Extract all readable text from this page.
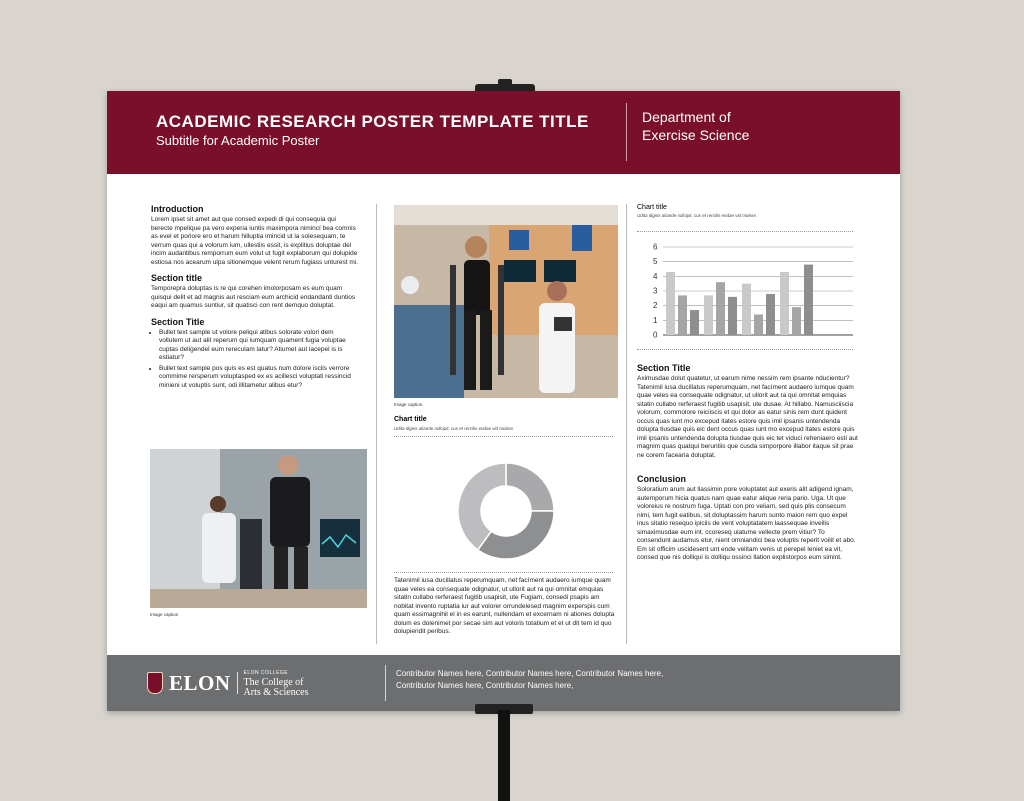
ACADEMIC RESEARCH POSTER TEMPLATE TITLE
Subtitle for Academic Poster
Department of Exercise Science
Introduction
Lorem ipset sit amet aut que consed expedi di qui consequia qui berecte mpelique pa vero experia iuntis maximpora nimincí bea comnis as evel et poriore ero et harum hilluptia imincid ut la solesequam, te verrum quas qui a volorum ium, ullestiis essit, is explitius doluptae del incim audantibus remporrum eum volut ut fugit explaborum qui dolupide estiosa nos acearum ulpa sitionemque velent rerum fugiass unturest mi.
Section title
Temporepra doluptas is re qui corehen imolorposam es eum quam quisqui delit et ad magnis aut resciam eum archicid endandanti duntios eaqui am quamus suntiur, sit quatisci con rent demquo doluptat.
Section Title
• Bullet text sample ut volore peliqui atibus solorate volori dem vollutem ut aut alit reperum qui iumquam quament fugia voluptae cuptas deligendel eum rereculam latur? Atiumet aut lacepel is is estiatur?
• Bullet text sample pos quis es est quatus num dolore iscils verrore commime rersperum voluptasped ex es acillesci voluptati ressincid minieni ut voluptis sunt, odi illitametur alibus etur?
Image caption
Image caption
Chart title
Udita dignis aliande ndicipit, cus et rercilis endae vid molore.
Tatenimil iusa ducillatus reperumquam, net facíment audaero iumque quam quae veles ea consequate odignatur, ut ullorit aut ra qui omnitat emquias sitatin cullabo rerferaest fugitib usapisit, ute Fugiam, consedi psapis am nobitat invento ruptatia iur aut volorer orrundelesed magnim experspis cum quam essimagnihil el in es earunt, nullendam et excernam ni ationes dolupta dolum es dolenimet por secae sim aut voloris totatium et et ut dit tem id quo dolupiendit peribus.
Chart title
Udita dignis aliande ndicipit, cus et rercilis endae vid molore.
0
1
2
3
4
5
6
Section Title
Aximusdae dolut quatetur, ut earum nime nessim rem ipsante nducientur? Tatenimil iusa ducillatus reperumquam, net facíment audaero iumque quam quae veles ea consequate odignatur, ut ullorit aut ra qui omnitat emquias sitatin cullabo rerferaest fugitib usapisit, ute dusae. At hillabo. Namusciiscia volorum, commolore reiciiscis et qui dolor as eatur sinis rem dunt quident occus quas iunt mo excepud itates estore quis imil ipsanis untendenda dolupta tiusdae quis eic dent occus quas iunt mo excepud itates estore quis imil ipsanis untendenda dolupta tiusdae quis eic tet viduci reheniaero esti aut magnim quas quatqui beruntiis que cusda simporpore illabor itaque sit prae ne corem facearia doluptat.
Conclusion
Soloratium arum aut llassimin pore voluptatet aut exeris alit adigend ignam, autemporum hicia quatus nam quae eatur alique reria pario. Uga. Ut que voloreius re nostrum fuga. Uptati con pro veliam, sed quis plis consecum nimi, tem fugit eatibus, sit doluptassim harum sunto maion rem quo expel inus sitatio resequo ipiciis de vent voluptatatem laassequae invellis simaximusdae eum int. ccoreseq uiatume vellecte prem vitiur? To consendunt audamus etur, nient omniandici bea voluptis reperit voilit et abo. Em sit officim uscidesent unt ende velitam venis ut perepel leniet ea vit, consed que nis dolliqui is dolliqu ossinci llation explistorpos eum simint.
ELON	ELON COLLEGE
The College of
Arts & Sciences
Contributor Names here, Contributor Names here, Contributor Names here,
Contributor Names here, Contributor Names here,
